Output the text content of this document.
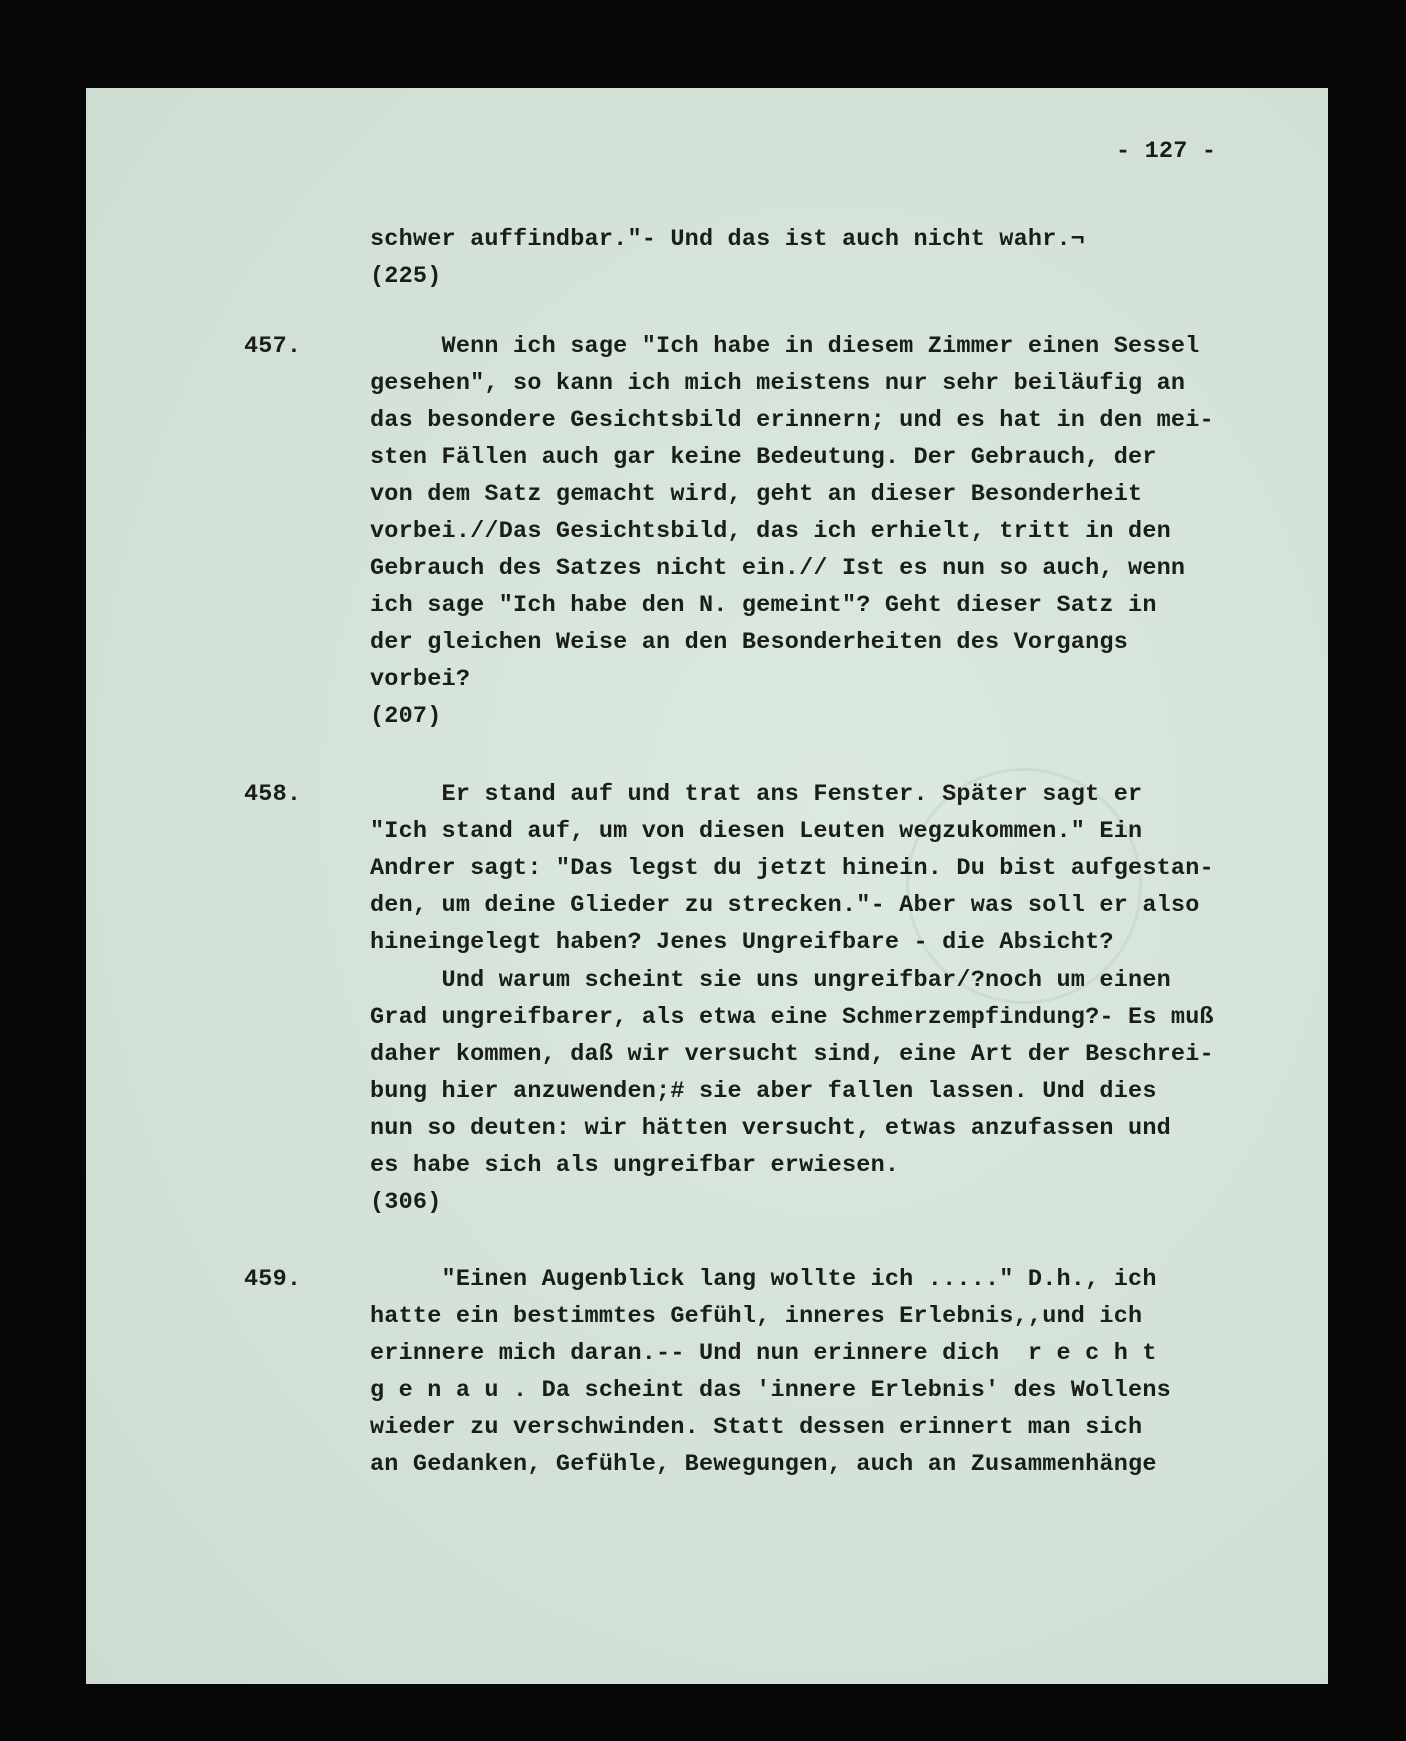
- 127 -
schwer auffindbar."- Und das ist auch nicht wahr.¬
(225)
457.	Wenn ich sage "Ich habe in diesem Zimmer einen Sessel
gesehen", so kann ich mich meistens nur sehr beiläufig an
das besondere Gesichtsbild erinnern; und es hat in den mei-
sten Fällen auch gar keine Bedeutung. Der Gebrauch, der
von dem Satz gemacht wird, geht an dieser Besonderheit
vorbei.//Das Gesichtsbild, das ich erhielt, tritt in den
Gebrauch des Satzes nicht ein.// Ist es nun so auch, wenn
ich sage "Ich habe den N. gemeint"? Geht dieser Satz in
der gleichen Weise an den Besonderheiten des Vorgangs
vorbei?
(207)
458.	Er stand auf und trat ans Fenster. Später sagt er
"Ich stand auf, um von diesen Leuten wegzukommen." Ein
Andrer sagt: "Das legst du jetzt hinein. Du bist aufgestan-
den, um deine Glieder zu strecken."- Aber was soll er also
hineingelegt haben? Jenes Ungreifbare - die Absicht?
Und warum scheint sie uns ungreifbar/?noch um einen
Grad ungreifbarer, als etwa eine Schmerzempfindung?- Es muß
daher kommen, daß wir versucht sind, eine Art der Beschrei-
bung hier anzuwenden;# sie aber fallen lassen. Und dies
nun so deuten: wir hätten versucht, etwas anzufassen und
es habe sich als ungreifbar erwiesen.
(306)
459.	"Einen Augenblick lang wollte ich ....." D.h., ich
hatte ein bestimmtes Gefühl, inneres Erlebnis,,und ich
erinnere mich daran.-- Und nun erinnere dich  r e c h t
g e n a u . Da scheint das 'innere Erlebnis' des Wollens
wieder zu verschwinden. Statt dessen erinnert man sich
an Gedanken, Gefühle, Bewegungen, auch an Zusammenhänge
